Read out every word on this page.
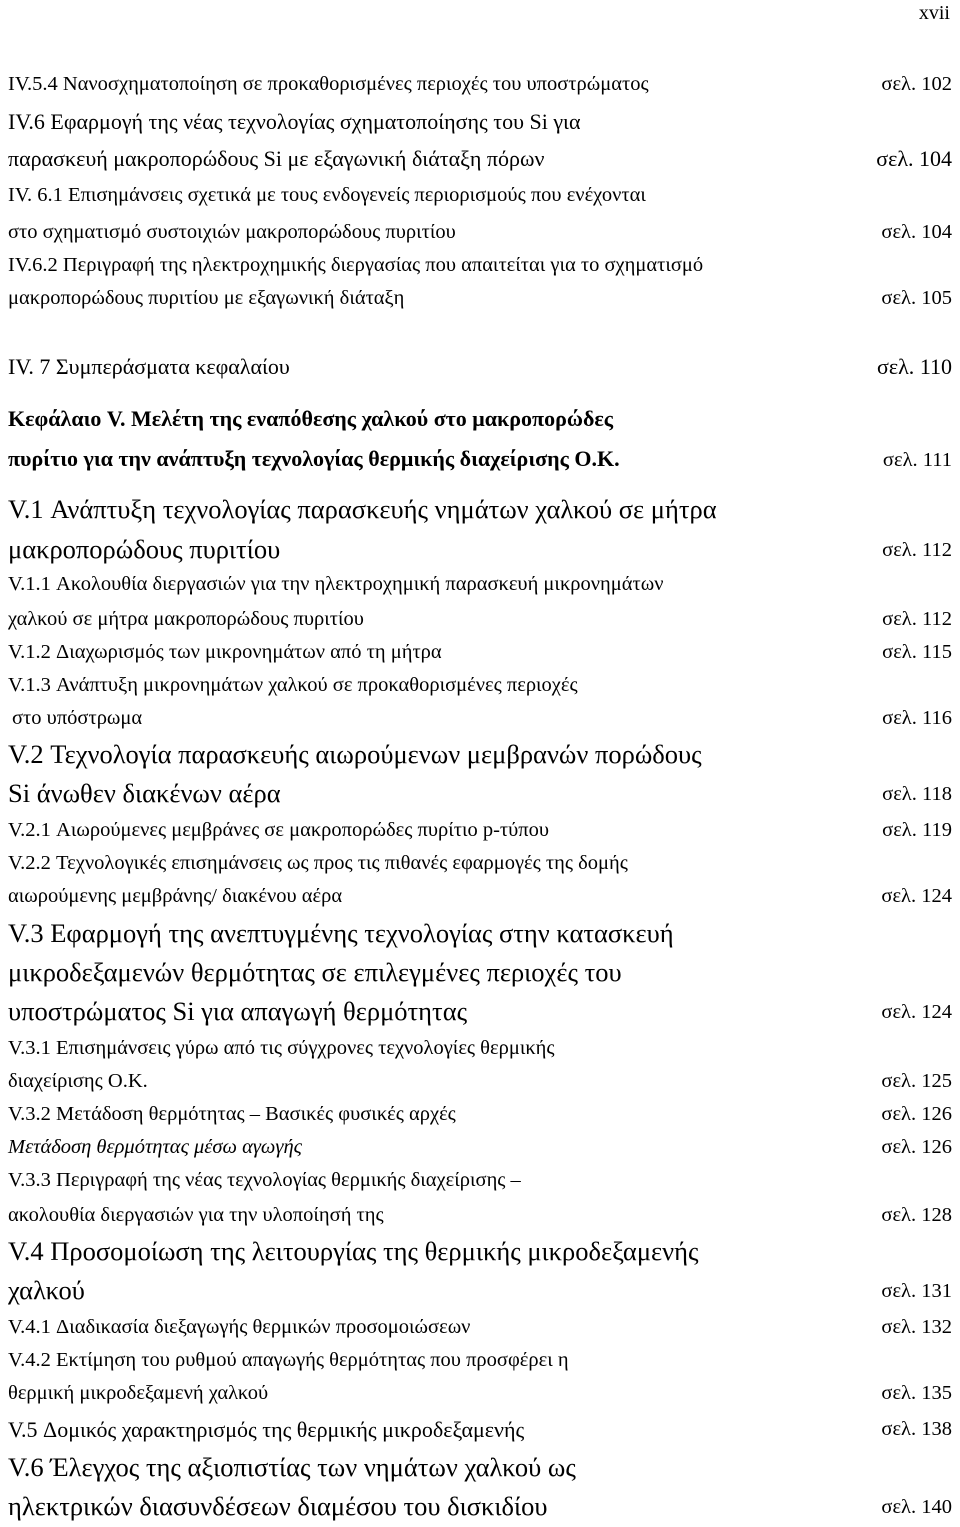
xvii
IV.5.4 Νανοσχηματοποίηση σε προκαθορισμένες περιοχές του υποστρώματος	σελ. 102
IV.6 Εφαρμογή της νέας τεχνολογίας σχηματοποίησης του Si για
παρασκευή μακροπορώδους Si με εξαγωνική διάταξη πόρων	σελ. 104
IV. 6.1 Επισημάνσεις σχετικά με τους ενδογενείς περιορισμούς που ενέχονται
στο σχηματισμό συστοιχιών μακροπορώδους πυριτίου	σελ. 104
IV.6.2 Περιγραφή της ηλεκτροχημικής διεργασίας που απαιτείται για το σχηματισμό
μακροπορώδους πυριτίου με εξαγωνική διάταξη	σελ. 105
IV. 7 Συμπεράσματα κεφαλαίου	σελ. 110
Κεφάλαιο V. Μελέτη της εναπόθεσης χαλκού στο μακροπορώδες
πυρίτιο για την ανάπτυξη τεχνολογίας θερμικής διαχείρισης Ο.Κ.	σελ. 111
V.1 Ανάπτυξη τεχνολογίας παρασκευής νημάτων χαλκού σε μήτρα
μακροπορώδους πυριτίου	σελ. 112
V.1.1 Ακολουθία διεργασιών για την ηλεκτροχημική παρασκευή μικρονημάτων
χαλκού σε μήτρα μακροπορώδους πυριτίου	σελ. 112
V.1.2 Διαχωρισμός των μικρονημάτων από τη μήτρα	σελ. 115
V.1.3 Ανάπτυξη μικρονημάτων χαλκού σε προκαθορισμένες περιοχές
στο υπόστρωμα	σελ. 116
V.2 Τεχνολογία παρασκευής αιωρούμενων μεμβρανών πορώδους
Si άνωθεν διακένων αέρα	σελ. 118
V.2.1 Αιωρούμενες μεμβράνες σε μακροπορώδες πυρίτιο p-τύπου	σελ. 119
V.2.2 Τεχνολογικές επισημάνσεις ως προς τις πιθανές εφαρμογές της δομής
αιωρούμενης μεμβράνης/ διακένου αέρα	σελ. 124
V.3 Εφαρμογή της ανεπτυγμένης τεχνολογίας στην κατασκευή
μικροδεξαμενών θερμότητας σε επιλεγμένες περιοχές του
υποστρώματος Si για απαγωγή θερμότητας	σελ. 124
V.3.1 Επισημάνσεις γύρω από τις σύγχρονες τεχνολογίες θερμικής
διαχείρισης Ο.Κ.	σελ. 125
V.3.2 Μετάδοση θερμότητας – Βασικές φυσικές αρχές	σελ. 126
Μετάδοση θερμότητας μέσω αγωγής	σελ. 126
V.3.3 Περιγραφή της νέας τεχνολογίας θερμικής διαχείρισης –
ακολουθία διεργασιών για την υλοποίησή της	σελ. 128
V.4 Προσομοίωση της λειτουργίας της θερμικής μικροδεξαμενής
χαλκού	σελ. 131
V.4.1 Διαδικασία διεξαγωγής θερμικών προσομοιώσεων	σελ. 132
V.4.2 Εκτίμηση του ρυθμού απαγωγής θερμότητας που προσφέρει η
θερμική μικροδεξαμενή χαλκού	σελ. 135
V.5 Δομικός χαρακτηρισμός της θερμικής μικροδεξαμενής	σελ. 138
V.6 Έλεγχος της αξιοπιστίας των νημάτων χαλκού ως
ηλεκτρικών διασυνδέσεων διαμέσου του δισκιδίου	σελ. 140
